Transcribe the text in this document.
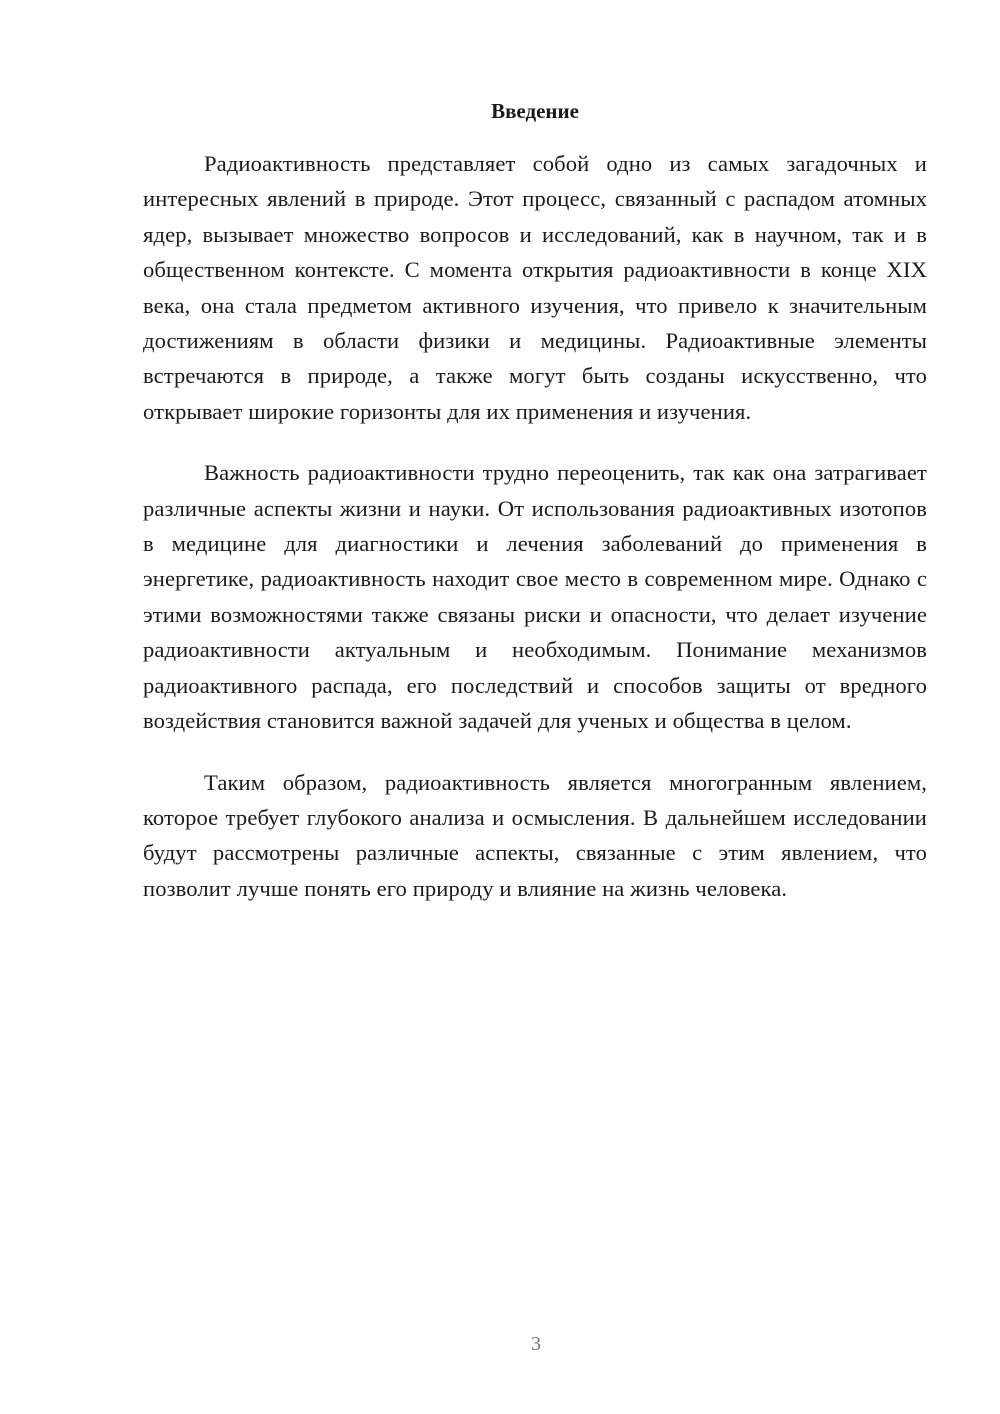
Введение

Радиоактивность представляет собой одно из самых загадочных и интересных явлений в природе. Этот процесс, связанный с распадом атомных ядер, вызывает множество вопросов и исследований, как в научном, так и в общественном контексте. С момента открытия радиоактивности в конце XIX века, она стала предметом активного изучения, что привело к значительным достижениям в области физики и медицины. Радиоактивные элементы встречаются в природе, а также могут быть созданы искусственно, что открывает широкие горизонты для их применения и изучения.

Важность радиоактивности трудно переоценить, так как она затрагивает различные аспекты жизни и науки. От использования радиоактивных изотопов в медицине для диагностики и лечения заболеваний до применения в энергетике, радиоактивность находит свое место в современном мире. Однако с этими возможностями также связаны риски и опасности, что делает изучение радиоактивности актуальным и необходимым. Понимание механизмов радиоактивного распада, его последствий и способов защиты от вредного воздействия становится важной задачей для ученых и общества в целом.

Таким образом, радиоактивность является многогранным явлением, которое требует глубокого анализа и осмысления. В дальнейшем исследовании будут рассмотрены различные аспекты, связанные с этим явлением, что позволит лучше понять его природу и влияние на жизнь человека.

3
